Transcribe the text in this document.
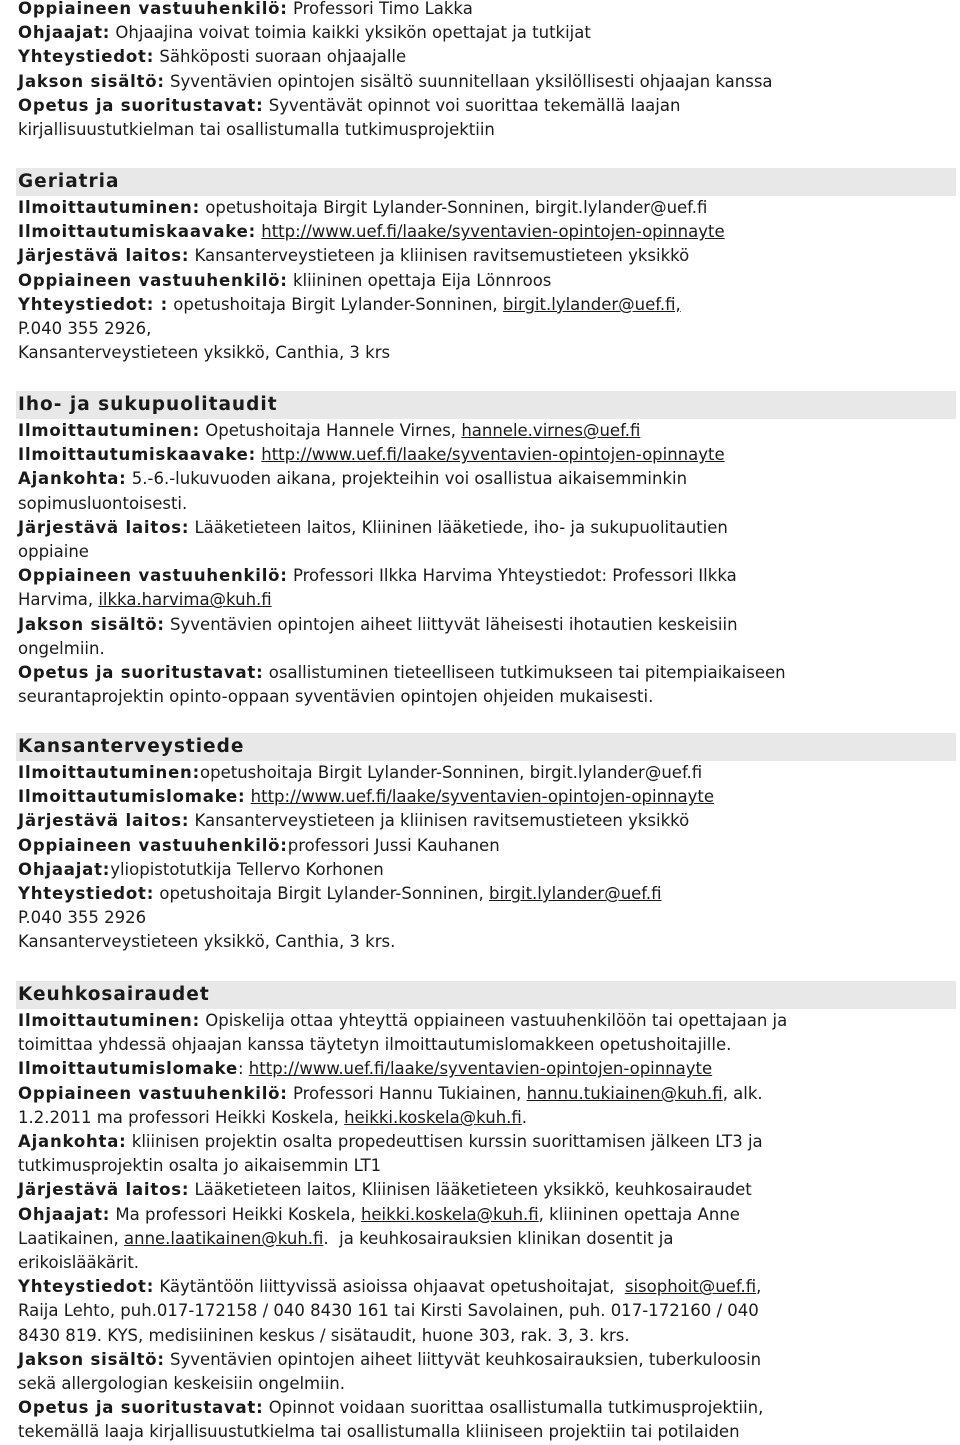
Oppiaineen vastuuhenkilö: Professori Timo Lakka
Ohjaajat: Ohjaajina voivat toimia kaikki yksikön opettajat ja tutkijat
Yhteystiedot: Sähköposti suoraan ohjaajalle
Jakson sisältö: Syventävien opintojen sisältö suunnitellaan yksilöllisesti ohjaajan kanssa
Opetus ja suoritustavat: Syventävät opinnot voi suorittaa tekemällä laajan
kirjallisuustutkielman tai osallistumalla tutkimusprojektiin
Geriatria
Ilmoittautuminen: opetushoitaja Birgit Lylander-Sonninen, birgit.lylander@uef.fi
Ilmoittautumiskaavake: http://www.uef.fi/laake/syventavien-opintojen-opinnayte
Järjestävä laitos: Kansanterveystieteen ja kliinisen ravitsemustieteen yksikkö
Oppiaineen vastuuhenkilö: kliininen opettaja Eija Lönnroos
Yhteystiedot: : opetushoitaja Birgit Lylander-Sonninen, birgit.lylander@uef.fi,
P.040 355 2926,
Kansanterveystieteen yksikkö, Canthia, 3 krs
Iho- ja sukupuolitaudit
Ilmoittautuminen: Opetushoitaja Hannele Virnes, hannele.virnes@uef.fi
Ilmoittautumiskaavake: http://www.uef.fi/laake/syventavien-opintojen-opinnayte
Ajankohta: 5.-6.-lukuvuoden aikana, projekteihin voi osallistua aikaisemminkin
sopimusluontoisesti.
Järjestävä laitos: Lääketieteen laitos, Kliininen lääketiede, iho- ja sukupuolitautien
oppiaine
Oppiaineen vastuuhenkilö: Professori Ilkka Harvima Yhteystiedot: Professori Ilkka
Harvima, ilkka.harvima@kuh.fi
Jakson sisältö: Syventävien opintojen aiheet liittyvät läheisesti ihotautien keskeisiin
ongelmiin.
Opetus ja suoritustavat: osallistuminen tieteelliseen tutkimukseen tai pitempiaikaiseen
seurantaprojektin opinto-oppaan syventävien opintojen ohjeiden mukaisesti.
Kansanterveystiede
Ilmoittautuminen:opetushoitaja Birgit Lylander-Sonninen, birgit.lylander@uef.fi
Ilmoittautumislomake: http://www.uef.fi/laake/syventavien-opintojen-opinnayte
Järjestävä laitos: Kansanterveystieteen ja kliinisen ravitsemustieteen yksikkö
Oppiaineen vastuuhenkilö:professori Jussi Kauhanen
Ohjaajat:yliopistotutkija Tellervo Korhonen
Yhteystiedot: opetushoitaja Birgit Lylander-Sonninen, birgit.lylander@uef.fi
P.040 355 2926
Kansanterveystieteen yksikkö, Canthia, 3 krs.
Keuhkosairaudet
Ilmoittautuminen: Opiskelija ottaa yhteyttä oppiaineen vastuuhenkilöön tai opettajaan ja
toimittaa yhdessä ohjaajan kanssa täytetyn ilmoittautumislomakkeen opetushoitajille.
Ilmoittautumislomake: http://www.uef.fi/laake/syventavien-opintojen-opinnayte
Oppiaineen vastuuhenkilö: Professori Hannu Tukiainen, hannu.tukiainen@kuh.fi, alk.
1.2.2011 ma professori Heikki Koskela, heikki.koskela@kuh.fi.
Ajankohta: kliinisen projektin osalta propedeuttisen kurssin suorittamisen jälkeen LT3 ja
tutkimusprojektin osalta jo aikaisemmin LT1
Järjestävä laitos: Lääketieteen laitos, Kliinisen lääketieteen yksikkö, keuhkosairaudet
Ohjaajat: Ma professori Heikki Koskela, heikki.koskela@kuh.fi, kliininen opettaja Anne
Laatikainen, anne.laatikainen@kuh.fi.  ja keuhkosairauksien klinikan dosentit ja
erikoislääkärit.
Yhteystiedot: Käytäntöön liittyvissä asioissa ohjaavat opetushoitajat,  sisophoit@uef.fi,
Raija Lehto, puh.017-172158 / 040 8430 161 tai Kirsti Savolainen, puh. 017-172160 / 040
8430 819. KYS, medisiininen keskus / sisätaudit, huone 303, rak. 3, 3. krs.
Jakson sisältö: Syventävien opintojen aiheet liittyvät keuhkosairauksien, tuberkuloosin
sekä allergologian keskeisiin ongelmiin.
Opetus ja suoritustavat: Opinnot voidaan suorittaa osallistumalla tutkimusprojektiin,
tekemällä laaja kirjallisuustutkielma tai osallistumalla kliiniseen projektiin tai potilaiden
